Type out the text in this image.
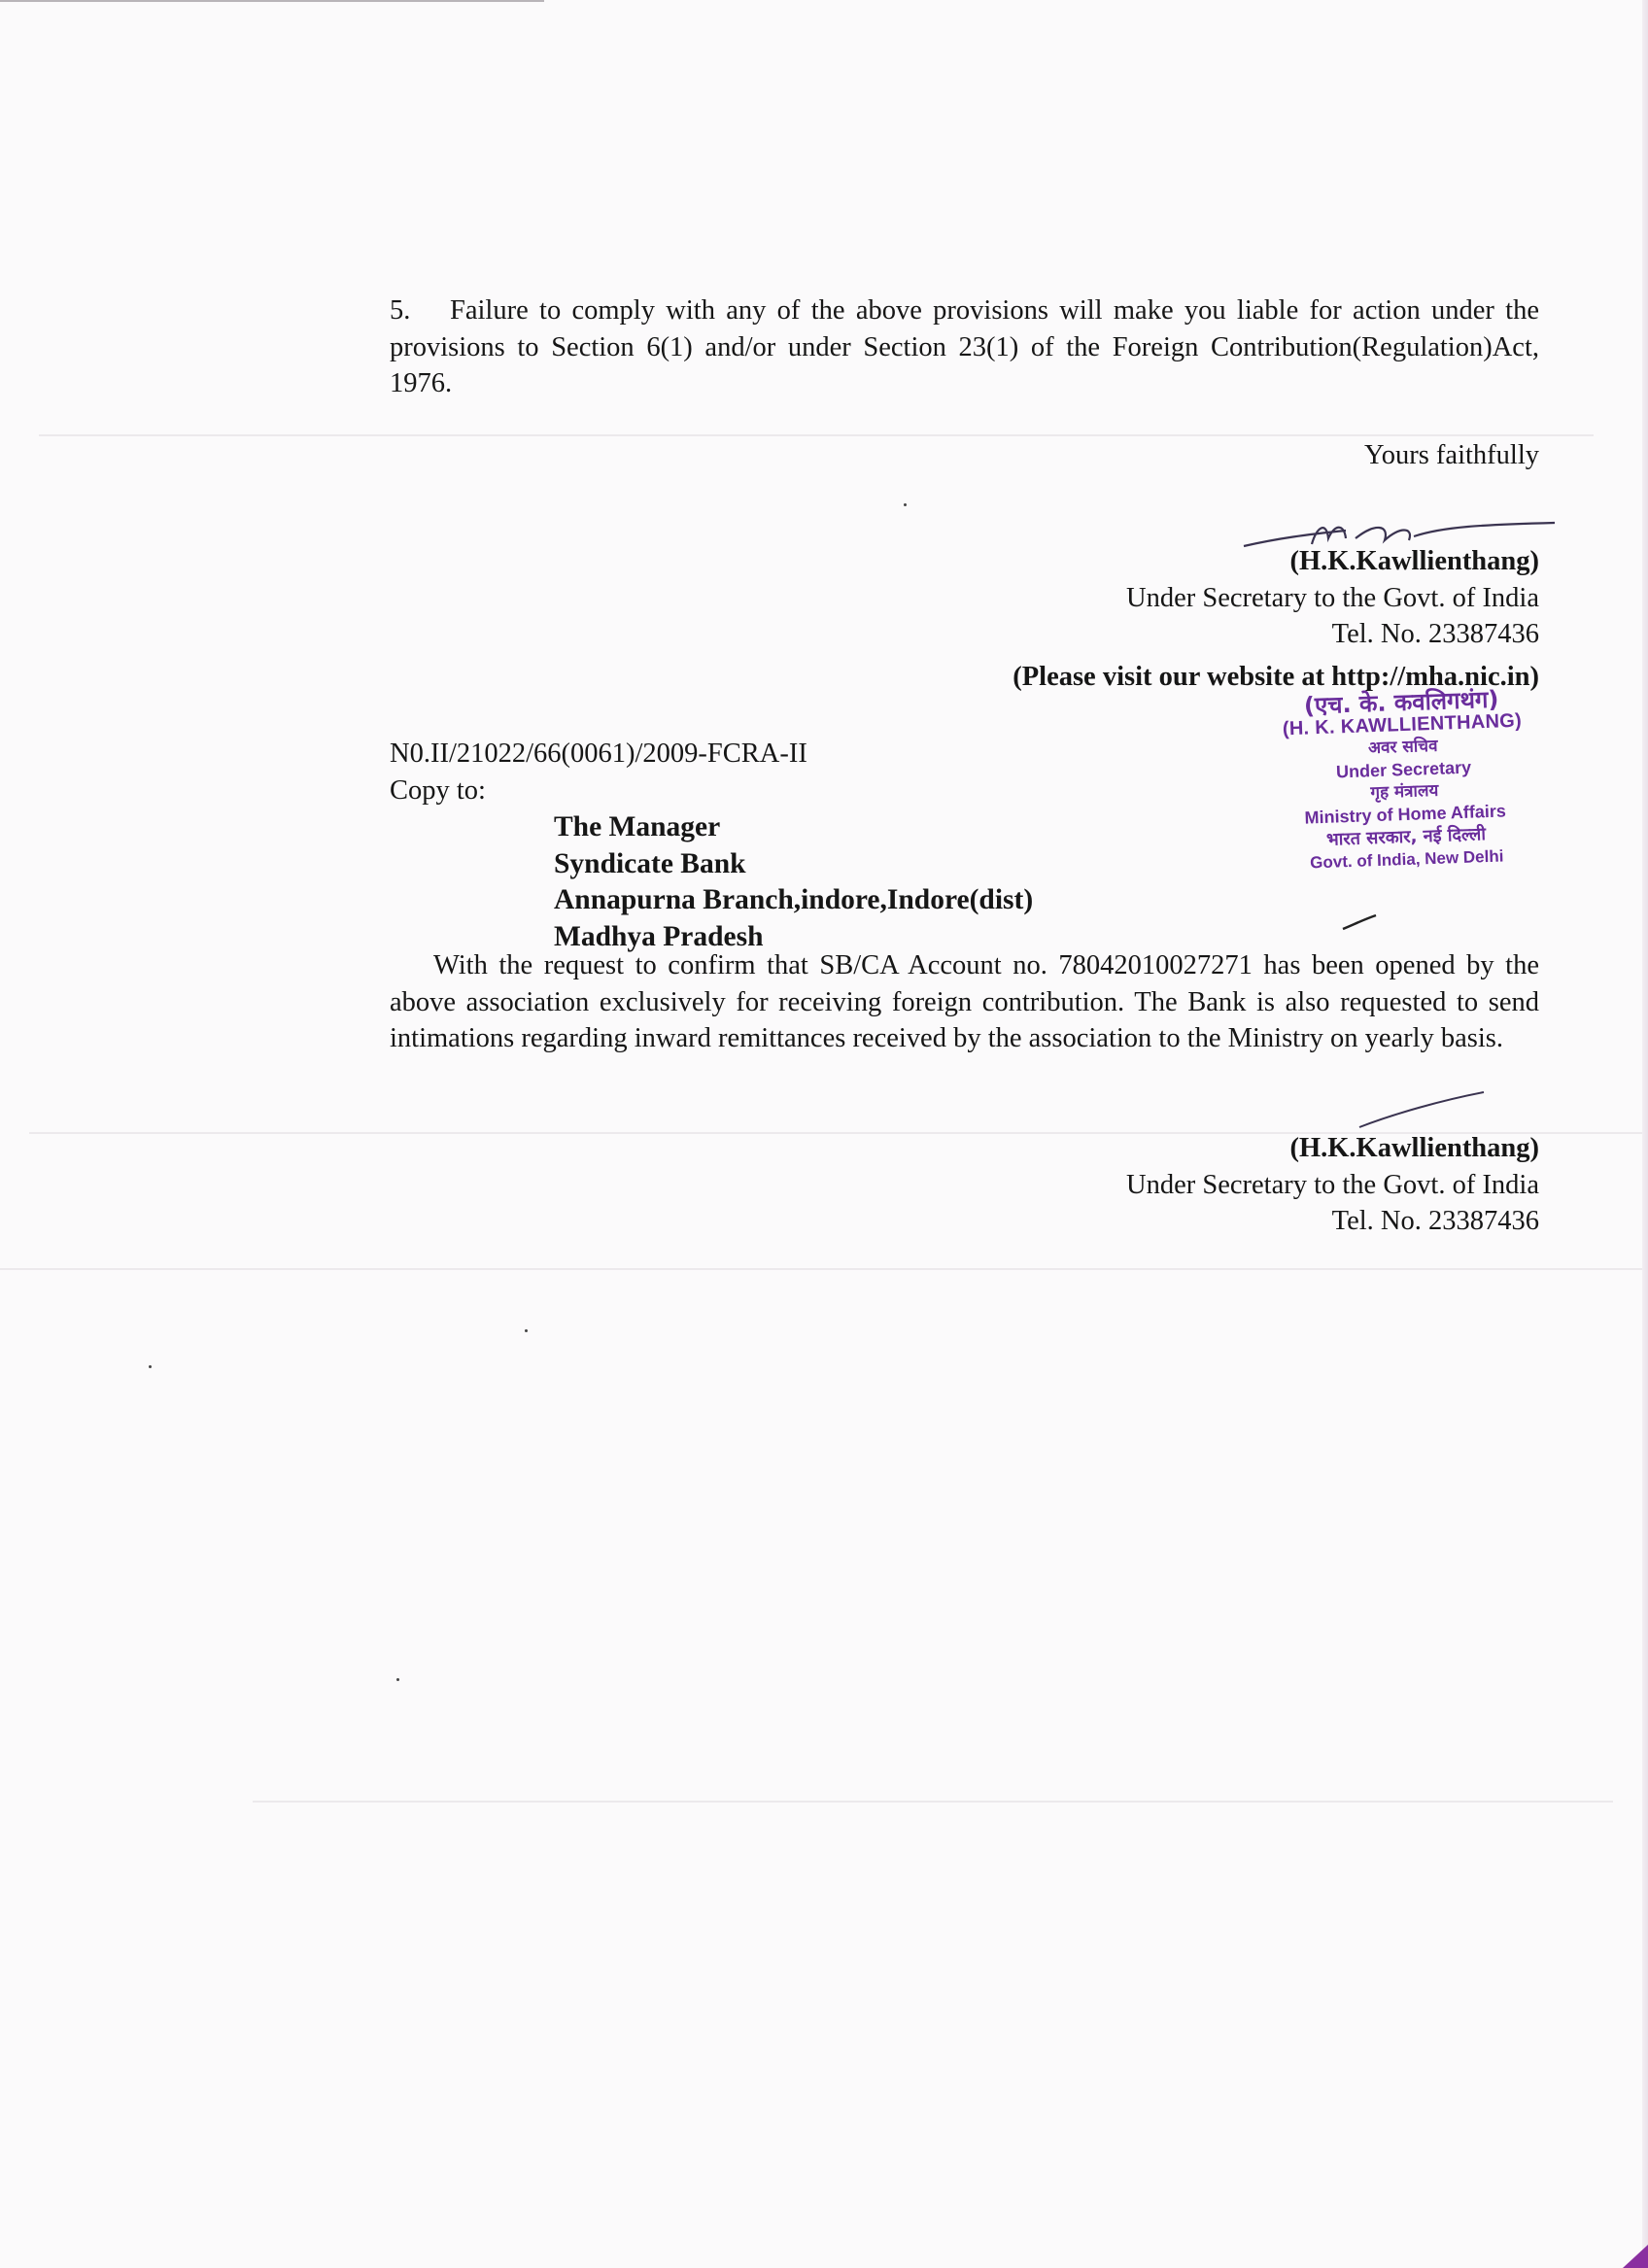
5. Failure to comply with any of the above provisions will make you liable for action under the provisions to Section 6(1) and/or under Section 23(1) of the Foreign Contribution(Regulation)Act, 1976.
Yours faithfully
(H.K.Kawllienthang)
Under Secretary to the Govt. of India
Tel. No. 23387436
(Please visit our website at http://mha.nic.in)
N0.II/21022/66(0061)/2009-FCRA-II
Copy to:
The Manager
Syndicate Bank
Annapurna Branch,indore,Indore(dist)
Madhya Pradesh
(एच. के. कवलिगथंग)
(H. K. KAWLLIENTHANG)
अवर सचिव
Under Secretary
गृह मंत्रालय
Ministry of Home Affairs
भारत सरकार, नई दिल्ली
Govt. of India, New Delhi
With the request to confirm that SB/CA Account no. 78042010027271 has been opened by the above association exclusively for receiving foreign contribution. The Bank is also requested to send intimations regarding inward remittances received by the association to the Ministry on yearly basis.
(H.K.Kawllienthang)
Under Secretary to the Govt. of India
Tel. No. 23387436
